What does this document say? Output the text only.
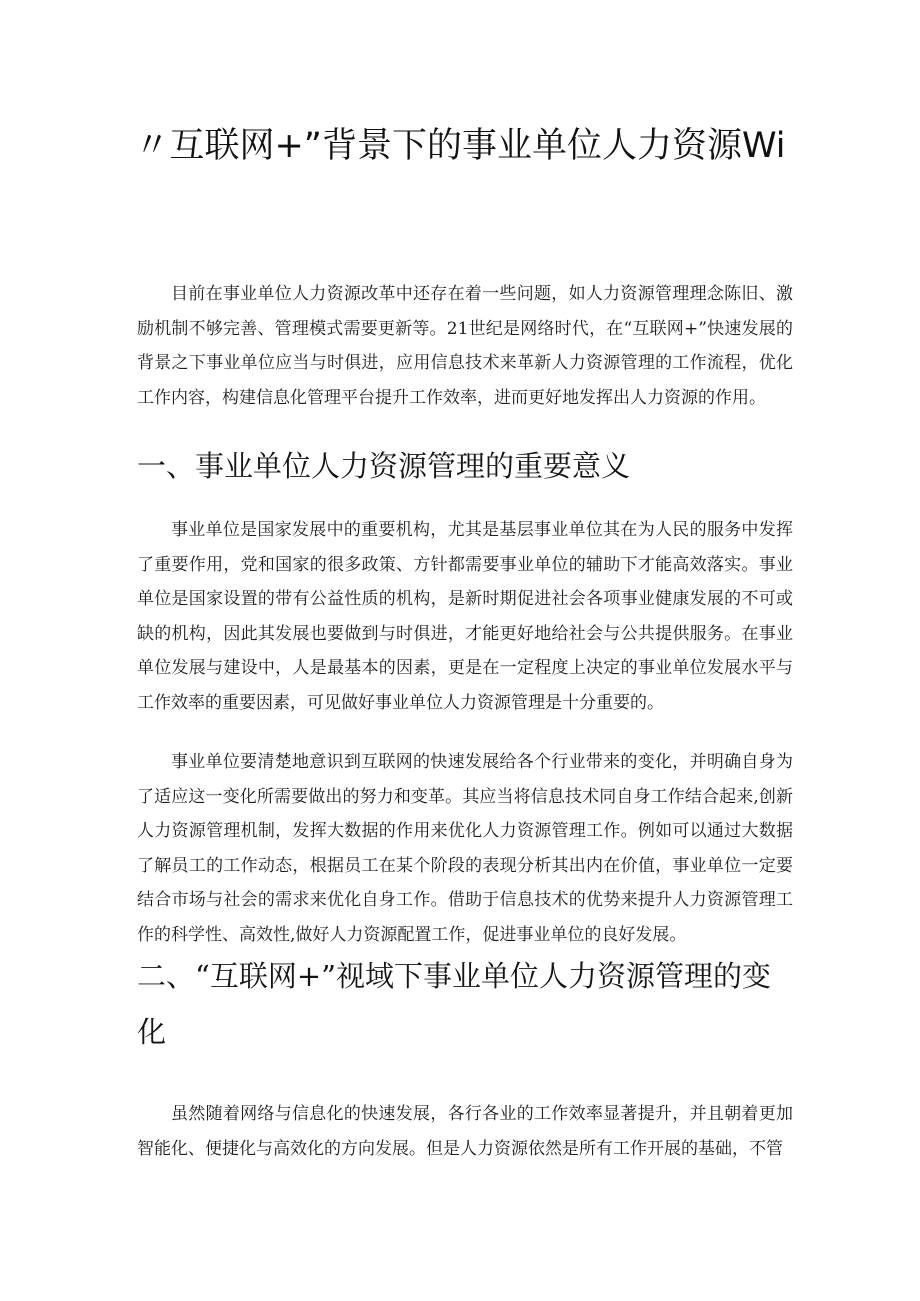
〃互联网+”背景下的事业单位人力资源Wi
目前在事业单位人力资源改革中还存在着一些问题，如人力资源管理理念陈旧、激励机制不够完善、管理模式需要更新等。21世纪是网络时代，在“互联网+”快速发展的背景之下事业单位应当与时俱进，应用信息技术来革新人力资源管理的工作流程，优化工作内容，构建信息化管理平台提升工作效率，进而更好地发挥出人力资源的作用。
一、事业单位人力资源管理的重要意义
事业单位是国家发展中的重要机构，尤其是基层事业单位其在为人民的服务中发挥了重要作用，党和国家的很多政策、方针都需要事业单位的辅助下才能高效落实。事业单位是国家设置的带有公益性质的机构，是新时期促进社会各项事业健康发展的不可或缺的机构，因此其发展也要做到与时俱进，才能更好地给社会与公共提供服务。在事业单位发展与建设中，人是最基本的因素，更是在一定程度上决定的事业单位发展水平与工作效率的重要因素，可见做好事业单位人力资源管理是十分重要的。
事业单位要清楚地意识到互联网的快速发展给各个行业带来的变化，并明确自身为了适应这一变化所需要做出的努力和变革。其应当将信息技术同自身工作结合起来,创新人力资源管理机制，发挥大数据的作用来优化人力资源管理工作。例如可以通过大数据了解员工的工作动态，根据员工在某个阶段的表现分析其出内在价值，事业单位一定要结合市场与社会的需求来优化自身工作。借助于信息技术的优势来提升人力资源管理工作的科学性、高效性,做好人力资源配置工作，促进事业单位的良好发展。
二、“互联网+”视域下事业单位人力资源管理的变化
虽然随着网络与信息化的快速发展，各行各业的工作效率显著提升，并且朝着更加智能化、便捷化与高效化的方向发展。但是人力资源依然是所有工作开展的基础，不管
